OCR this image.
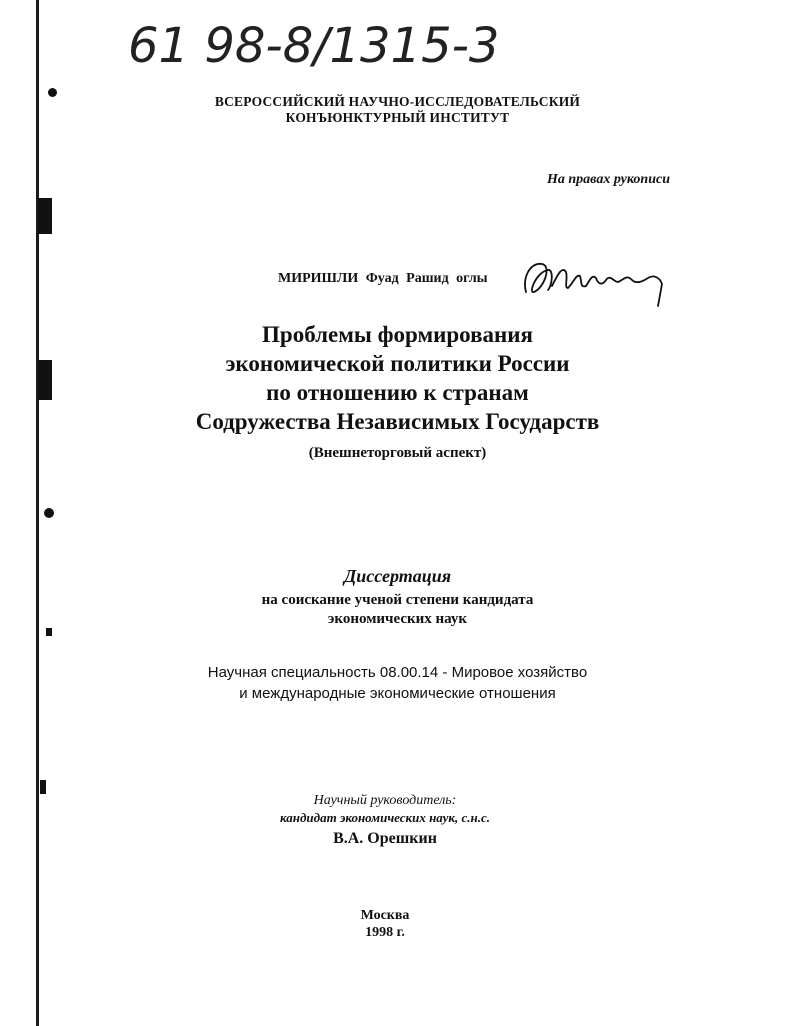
61 98-8/1315-3
ВСЕРОССИЙСКИЙ НАУЧНО-ИССЛЕДОВАТЕЛЬСКИЙ
КОНЪЮНКТУРНЫЙ ИНСТИТУТ
На правах рукописи
МИРИШЛИ Фуад Рашид оглы
Проблемы формирования
экономической политики России
по отношению к странам
Содружества Независимых Государств
(Внешнеторговый аспект)
Диссертация
на соискание ученой степени кандидата
экономических наук
Научная специальность 08.00.14 - Мировое хозяйство
и международные экономические отношения
Научный руководитель:
кандидат экономических наук, с.н.с.
В.А. Орешкин
Москва
1998 г.
